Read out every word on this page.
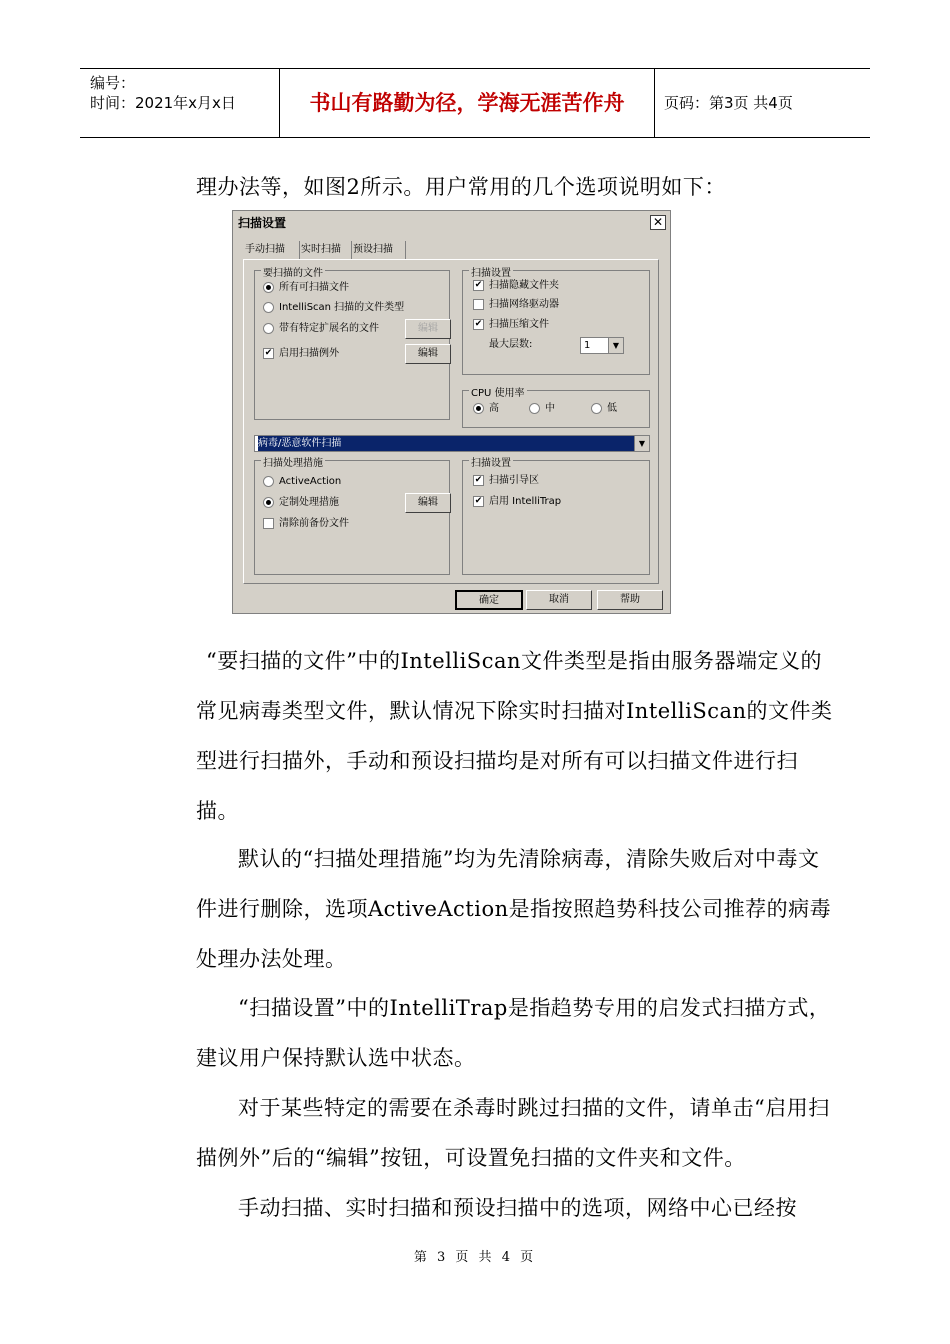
编号：
时间：2021年x月x日	书山有路勤为径，学海无涯苦作舟	页码：第3页 共4页
理办法等，如图2所示。用户常用的几个选项说明如下：
扫描设置	✕
手动扫描	实时扫描	预设扫描
要扫描的文件
所有可扫描文件
IntelliScan 扫描的文件类型
带有特定扩展名的文件	编辑
✔ 启用扫描例外	编辑
扫描设置
✔ 扫描隐藏文件夹
扫描网络驱动器
✔ 扫描压缩文件
最大层数:	1	▼
CPU 使用率
高	中	低
病毒/恶意软件扫描	▼
扫描处理措施
ActiveAction
定制处理措施	编辑
清除前备份文件
扫描设置
✔ 扫描引导区
✔ 启用 IntelliTrap
确定	取消	帮助
“要扫描的文件”中的IntelliScan文件类型是指由服务器端定义的常见病毒类型文件，默认情况下除实时扫描对IntelliScan的文件类型进行扫描外，手动和预设扫描均是对所有可以扫描文件进行扫描。
默认的“扫描处理措施”均为先清除病毒，清除失败后对中毒文件进行删除，选项ActiveAction是指按照趋势科技公司推荐的病毒处理办法处理。
“扫描设置”中的IntelliTrap是指趋势专用的启发式扫描方式，建议用户保持默认选中状态。
对于某些特定的需要在杀毒时跳过扫描的文件，请单击“启用扫描例外”后的“编辑”按钮，可设置免扫描的文件夹和文件。
手动扫描、实时扫描和预设扫描中的选项，网络中心已经按
第 3 页 共 4 页
